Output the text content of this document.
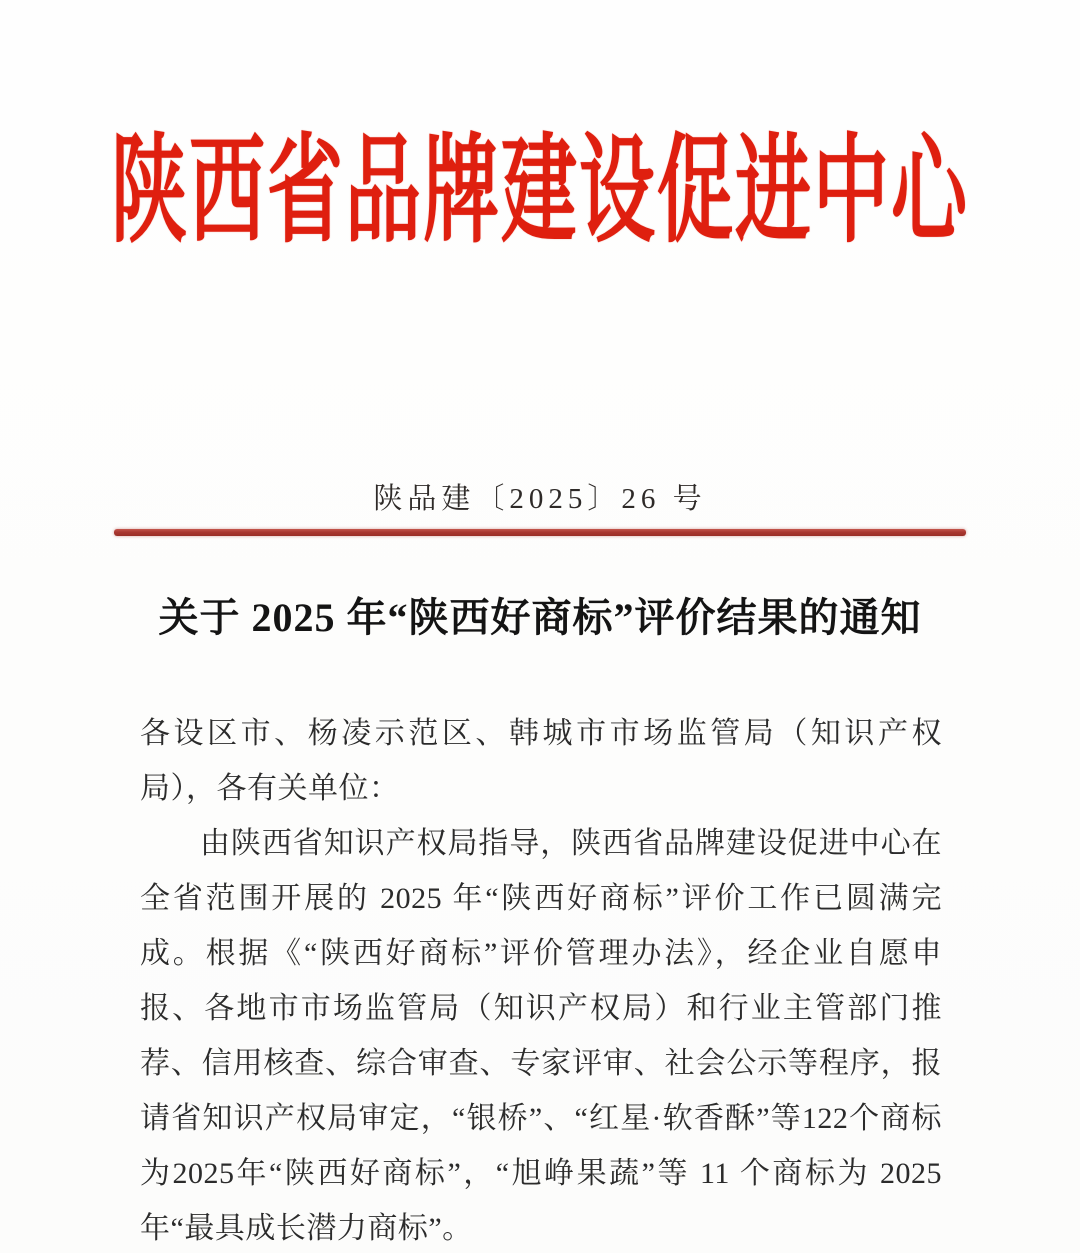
陕西省品牌建设促进中心
陕品建〔2025〕26 号
关于 2025 年“陕西好商标”评价结果的通知

各设区市、杨凌示范区、韩城市市场监管局（知识产权局），各有关单位：

由陕西省知识产权局指导，陕西省品牌建设促进中心在全省范围开展的 2025 年“陕西好商标”评价工作已圆满完成。根据《“陕西好商标”评价管理办法》，经企业自愿申报、各地市市场监管局（知识产权局）和行业主管部门推荐、信用核查、综合审查、专家评审、社会公示等程序，报请省知识产权局审定，“银桥”、“红星·软香酥”等122个商标为2025年“陕西好商标”，“旭峥果蔬”等 11 个商标为 2025 年“最具成长潜力商标”。
